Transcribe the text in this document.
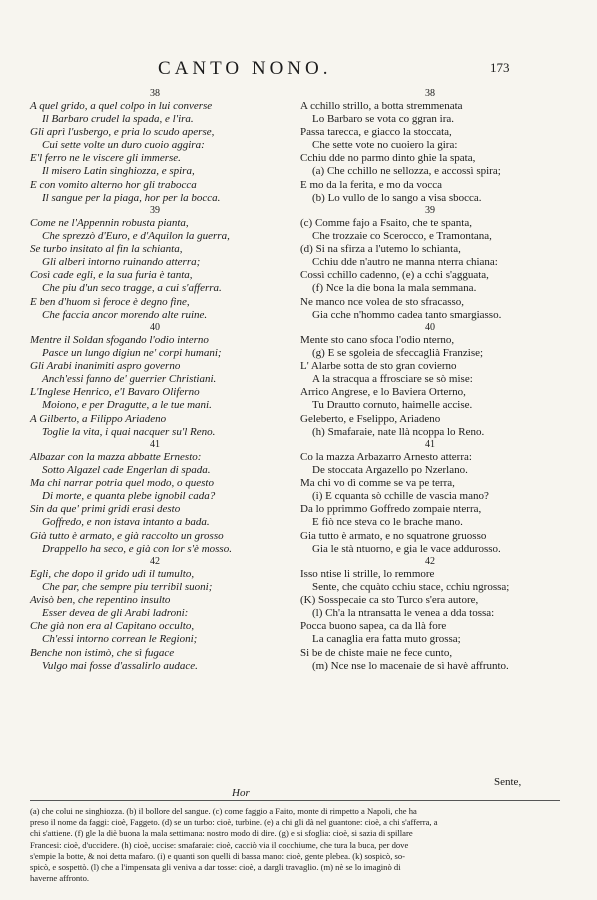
CANTO NONO.	173
38
A quel grido, a quel colpo in lui converse
Il Barbaro crudel la spada, e l'ira.
Gli aprì l'usbergo, e pria lo scudo aperse,
Cui sette volte un duro cuoio aggira:
E'l ferro ne le viscere gli immerse.
Il misero Latin singhiozza, e spira,
E con vomito alterno hor gli trabocca
Il sangue per la piaga, hor per la bocca.
39
Come ne l'Appennin robusta pianta,
Che sprezzò d'Euro, e d'Aquilon la guerra,
Se turbo insitato al fin la schianta,
Gli alberi intorno ruinando atterra;
Così cade egli, e la sua furia è tanta,
Che piu d'un seco tragge, a cui s'afferra.
E ben d'huom sì feroce è degno fine,
Che faccia ancor morendo alte ruine.
40
Mentre il Soldan sfogando l'odio interno
Pasce un lungo digiun ne' corpi humani;
Gli Arabi inanimiti aspro governo
Anch'essi fanno de' guerrier Christiani.
L'Inglese Henrico, e'l Bavaro Oliferno
Moiono, e per Dragutte, a le tue mani.
A Gilberto, a Filippo Ariadeno
Toglie la vita, i quai nacquer su'l Reno.
41
Albazar con la mazza abbatte Ernesto:
Sotto Algazel cade Engerlan di spada.
Ma chi narrar potria quel modo, o questo
Di morte, e quanta plebe ignobil cada?
Sin da que' primi gridi erasi desto
Goffredo, e non istava intanto a bada.
Già tutto è armato, e già raccolto un grosso
Drappello ha seco, e già con lor s'è mosso.
42
Egli, che dopo il grido udì il tumulto,
Che par, che sempre piu terribil suoni;
Avisò ben, che repentino insulto
Esser deveа de gli Arabi ladroni:
Che già non era al Capitano occulto,
Ch'essi intorno correan le Regioni;
Benche non istimò, che sì fugace
Vulgo mai fosse d'assalirlo audace.
38
A cchillo strillo, a botta stremmenata
Lo Barbaro se vota co ggran ira.
Passa tarecca, e giacco la stoccata,
Che sette vote no cuoiero la gira:
Cchiu dde no parmo dinto ghie la spata,
(a) Che cchillo ne sellozza, e accossì spira;
E mo da la ferita, e mo da vocca
(b) Lo vullo de lo sango a visa sbocca.
39
(c) Comme fajo a Fsaito, che te spanta,
Che trozzaie co Scerocco, e Tramontana,
(d) Si na sfirza a l'utemo lo schianta,
Cchiu dde n'autro ne manna nterra chiana:
Cossì cchillo cadenno, (e) a cchi s'agguata,
(f) Nce la die bona la mala semmana.
Ne manco nce volea de sto sfracasso,
Gia cche n'hommo cadea tanto smargiasso.
40
Mente sto cano sfoca l'odio nterno,
(g) E se sgoleia de sfeccaglià Franzise;
L' Alarbe sotta de sto gran coviernо
A la stracqua a ffrosciare se sò mise:
Arrico Angrese, e lo Baviera Orterno,
Tu Drautto cornuto, haimelle accise.
Geleberto, e Fselippo, Ariadeno
(h) Smafaraie, nate llà ncoppa lo Reno.
41
Co la mazza Arbazarro Arnesto atterra:
De stoccata Argazello po Nzerlano.
Ma chi vo dì comme se va pe terra,
(i) E cquanta sò cchille de vascia mano?
Da lo pprimmo Goffredo zompaie nterra,
E fiò nce steva co le brache mano.
Gia tutto è armato, e no squatrone gruosso
Gia le stà ntuorno, e gia le vace addurosso.
42
Isso ntise li strille, lo remmore
Sente, che cquàto cchiu stace, cchiu ngrossa;
(K) Sosspecaie ca sto Turco s'era autore,
(l) Ch'a la ntransatta le venea a dda tossa:
Pocca buono sapea, ca da llà fore
La canaglia era fatta muto grossa;
Si be de chiste maie ne fece cunto,
(m) Nce nse lo macenaie de sì havè affrunto.
Hor
Sente,
(a) che colui ne singhiozza. (b) il bollore del sangue. (c) come faggio a Faito, monte di rimpetto a Napoli, che ha
preso il nome da faggi: cioè, Faggeto. (d) se un turbo: cioè, turbine. (e) a chi gli dà nel guantone: cioè, a chi s'afferra, a
chi s'attiene. (f) gle la diè buona la mala settimana: nostro modo di dire. (g) e si sfoglia: cioè, si sazia di spillare
Francesi: cioè, d'uccidere. (h) cioè, uccise: smafaraie: cioè, cacciò via il cocchiume, che tura la buca, per dove
s'empie la botte, & noi detta mafaro. (i) e quanti son quelli di bassa mano: cioè, gente plebea. (k) sospicò, so-
spicò, e sospettò. (l) che a l'impensata gli veniva a dar tosse: cioè, a dargli travaglio. (m) nè se lo imaginò di
haverne affronto.
